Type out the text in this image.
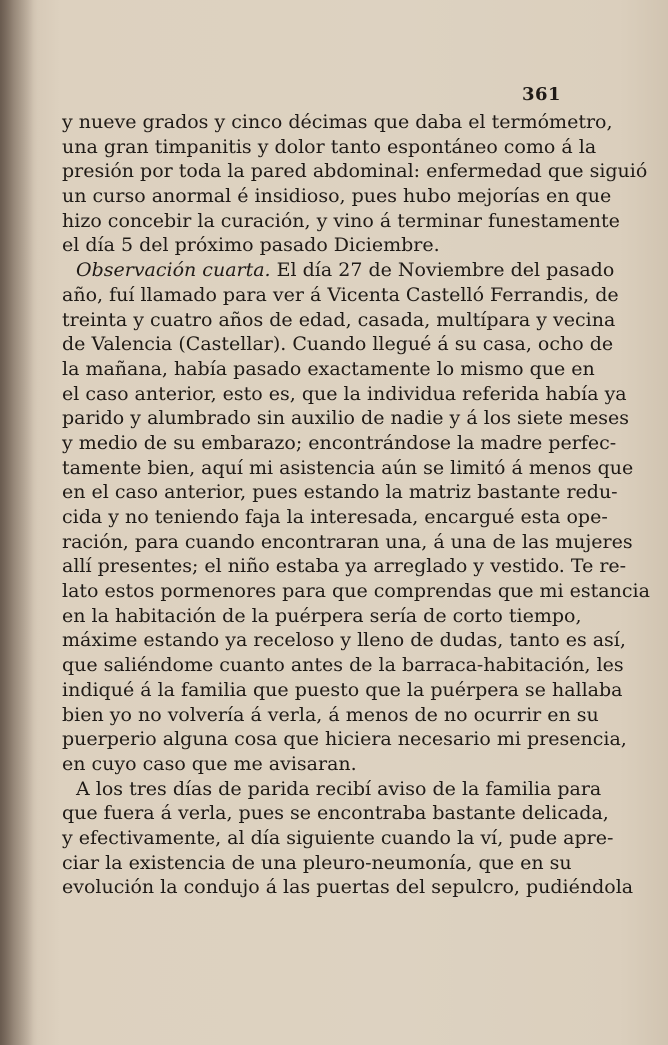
361
y nueve grados y cinco décimas que daba el termómetro,
una gran timpanitis y dolor tanto espontáneo como á la
presión por toda la pared abdominal: enfermedad que siguió
un curso anormal é insidioso, pues hubo mejorías en que
hizo concebir la curación, y vino á terminar funestamente
el día 5 del próximo pasado Diciembre.
Observación cuarta. El día 27 de Noviembre del pasado
año, fuí llamado para ver á Vicenta Castelló Ferrandis, de
treinta y cuatro años de edad, casada, multípara y vecina
de Valencia (Castellar). Cuando llegué á su casa, ocho de
la mañana, había pasado exactamente lo mismo que en
el caso anterior, esto es, que la individua referida había ya
parido y alumbrado sin auxilio de nadie y á los siete meses
y medio de su embarazo; encontrándose la madre perfec-
tamente bien, aquí mi asistencia aún se limitó á menos que
en el caso anterior, pues estando la matriz bastante redu-
cida y no teniendo faja la interesada, encargué esta ope-
ración, para cuando encontraran una, á una de las mujeres
allí presentes; el niño estaba ya arreglado y vestido. Te re-
lato estos pormenores para que comprendas que mi estancia
en la habitación de la puérpera sería de corto tiempo,
máxime estando ya receloso y lleno de dudas, tanto es así,
que saliéndome cuanto antes de la barraca-habitación, les
indiqué á la familia que puesto que la puérpera se hallaba
bien yo no volvería á verla, á menos de no ocurrir en su
puerperio alguna cosa que hiciera necesario mi presencia,
en cuyo caso que me avisaran.
A los tres días de parida recibí aviso de la familia para
que fuera á verla, pues se encontraba bastante delicada,
y efectivamente, al día siguiente cuando la ví, pude apre-
ciar la existencia de una pleuro-neumonía, que en su
evolución la condujo á las puertas del sepulcro, pudiéndola
